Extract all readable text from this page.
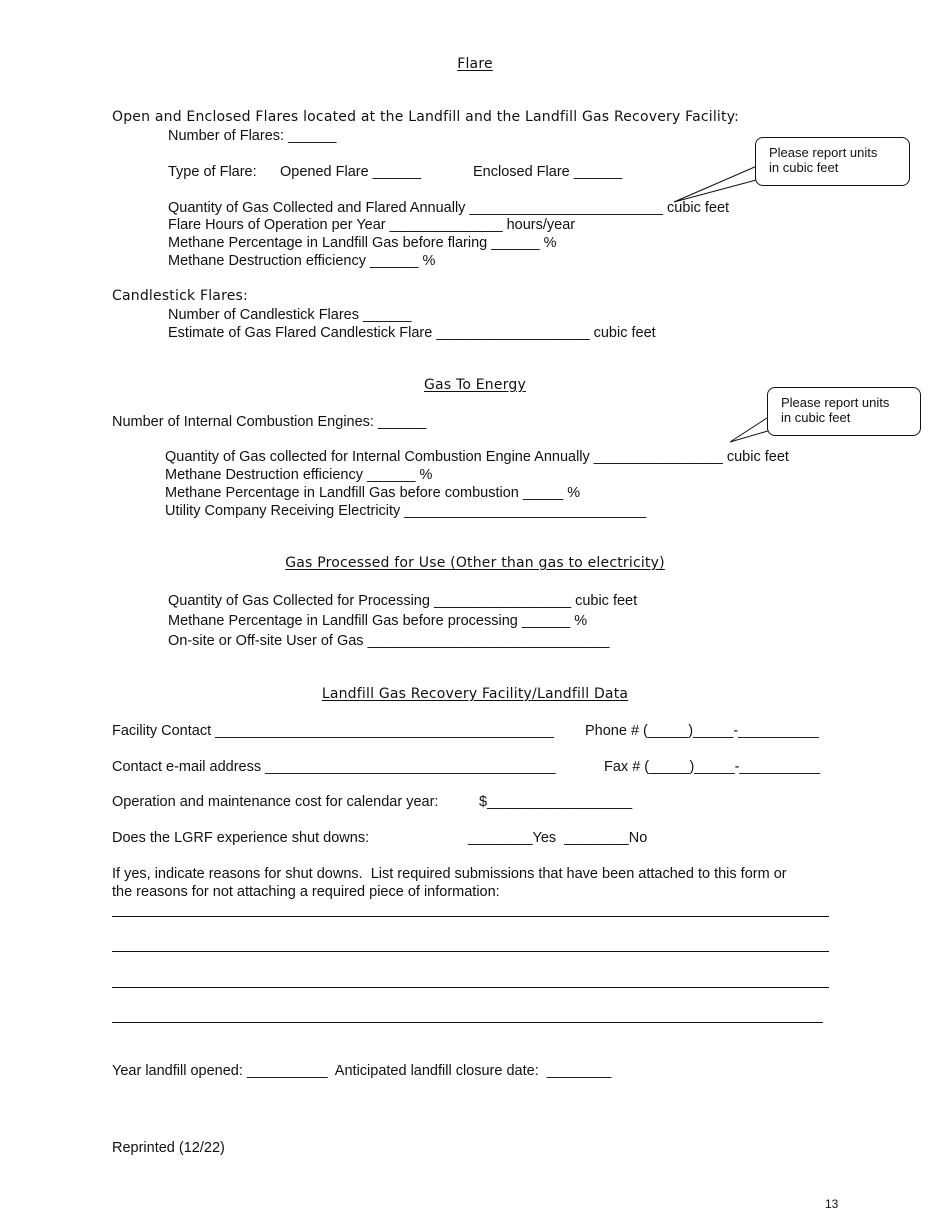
Flare
Open and Enclosed Flares located at the Landfill and the Landfill Gas Recovery Facility:
Number of Flares: ______
Type of Flare: Opened Flare ______	Enclosed Flare ______
Quantity of Gas Collected and Flared Annually ________________________ cubic feet
Flare Hours of Operation per Year ______________ hours/year
Methane Percentage in Landfill Gas before flaring ______ %
Methane Destruction efficiency ______ %
Please report units
in cubic feet
Candlestick Flares:
Number of Candlestick Flares ______
Estimate of Gas Flared Candlestick Flare ___________________ cubic feet
Gas To Energy
Number of Internal Combustion Engines: ______
Quantity of Gas collected for Internal Combustion Engine Annually ________________ cubic feet
Methane Destruction efficiency ______ %
Methane Percentage in Landfill Gas before combustion _____ %
Utility Company Receiving Electricity ______________________________
Please report units
in cubic feet
Gas Processed for Use (Other than gas to electricity)
Quantity of Gas Collected for Processing _________________ cubic feet
Methane Percentage in Landfill Gas before processing ______ %
On-site or Off-site User of Gas ______________________________
Landfill Gas Recovery Facility/Landfill Data
Facility Contact __________________________________________ Phone # (_____)_____-__________
Contact e-mail address ____________________________________	Fax # (_____)_____-__________
Operation and maintenance cost for calendar year:	$__________________
Does the LGRF experience shut downs:	________Yes  ________No
If yes, indicate reasons for shut downs.  List required submissions that have been attached to this form or
the reasons for not attaching a required piece of information:
Year landfill opened: __________  Anticipated landfill closure date:  ________
Reprinted (12/22)
13
